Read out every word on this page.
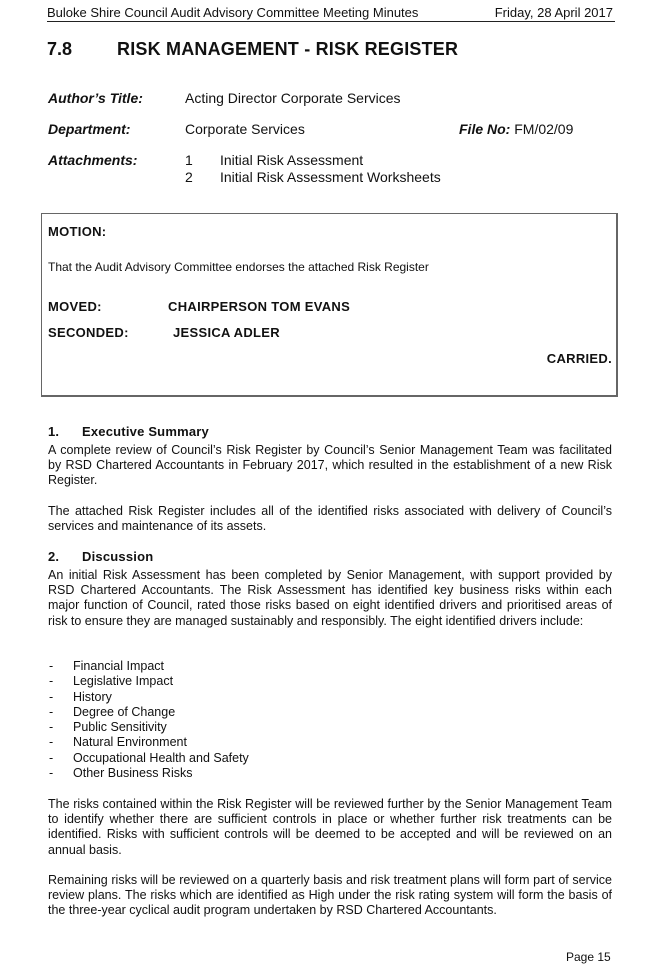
Buloke Shire Council Audit Advisory Committee Meeting Minutes	Friday, 28 April 2017
7.8 RISK MANAGEMENT - RISK REGISTER
Author’s Title:	Acting Director Corporate Services
Department:	Corporate Services	File No: FM/02/09
Attachments:	1 Initial Risk Assessment
2 Initial Risk Assessment Worksheets
MOTION:
That the Audit Advisory Committee endorses the attached Risk Register
MOVED:	CHAIRPERSON TOM EVANS
SECONDED:	JESSICA ADLER
CARRIED.
1. Executive Summary

A complete review of Council’s Risk Register by Council’s Senior Management Team was facilitated by RSD Chartered Accountants in February 2017, which resulted in the establishment of a new Risk Register.

The attached Risk Register includes all of the identified risks associated with delivery of Council’s services and maintenance of its assets.

2. Discussion

An initial Risk Assessment has been completed by Senior Management, with support provided by RSD Chartered Accountants. The Risk Assessment has identified key business risks within each major function of Council, rated those risks based on eight identified drivers and prioritised areas of risk to ensure they are managed sustainably and responsibly. The eight identified drivers include:

- Financial Impact
- Legislative Impact
- History
- Degree of Change
- Public Sensitivity
- Natural Environment
- Occupational Health and Safety
- Other Business Risks

The risks contained within the Risk Register will be reviewed further by the Senior Management Team to identify whether there are sufficient controls in place or whether further risk treatments can be identified. Risks with sufficient controls will be deemed to be accepted and will be reviewed on an annual basis.

Remaining risks will be reviewed on a quarterly basis and risk treatment plans will form part of service review plans. The risks which are identified as High under the risk rating system will form the basis of the three-year cyclical audit program undertaken by RSD Chartered Accountants.

Page 15
